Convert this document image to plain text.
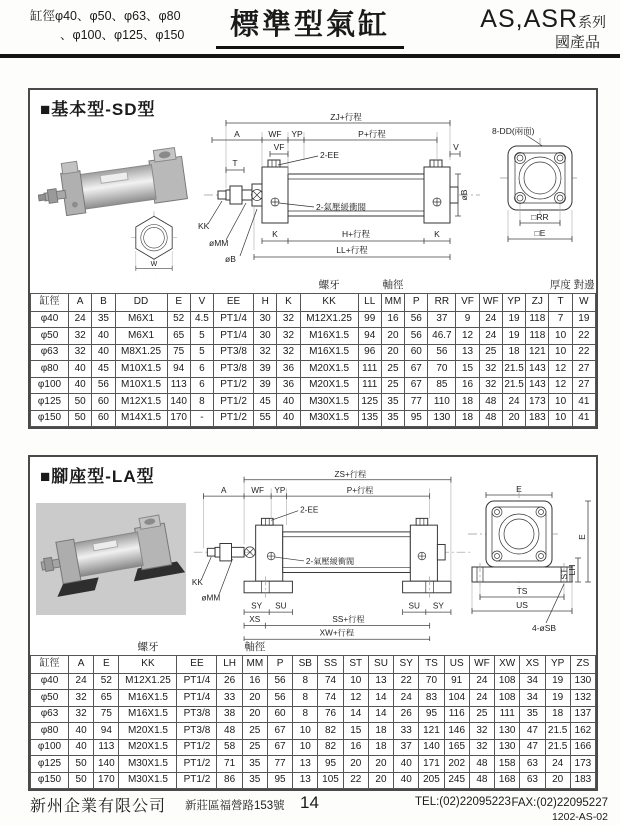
缸徑φ40、φ50、φ63、φ80
、φ100、φ125、φ150	標準型氣缸	AS,ASR系列
國產品
■基本型-SD型
W
ZJ+行程
A	WF YP	P+行程
VF	V
T
2-EE
2-氣壓緩衝閥
øB
K	H+行程	K
LL+行程
KK
øMM
øB
8-DD(兩面)
□RR
□E
									螺牙	軸徑								厚度 對邊	
缸徑	A	B	DD	E	V	EE	H	K	KK	LL	MM	P	RR	VF	WF	YP	ZJ	T	W
φ40	24	35	M6X1	52	4.5	PT1/4	30	32	M12X1.25	99	16	56	37	9	24	19	118	7	19
φ50	32	40	M6X1	65	5	PT1/4	30	32	M16X1.5	94	20	56	46.7	12	24	19	118	10	22
φ63	32	40	M8X1.25	75	5	PT3/8	32	32	M16X1.5	96	20	60	56	13	25	18	121	10	22
φ80	40	45	M10X1.5	94	6	PT3/8	39	36	M20X1.5	111	25	67	70	15	32	21.5	143	12	27
φ100	40	56	M10X1.5	113	6	PT1/2	39	36	M20X1.5	111	25	67	85	16	32	21.5	143	12	27
φ125	50	60	M12X1.5	140	8	PT1/2	45	40	M30X1.5	125	35	77	110	18	48	24	173	10	41
φ150	50	60	M14X1.5	170	-	PT1/2	55	40	M30X1.5	135	35	95	130	18	48	20	183	10	41
■腳座型-LA型	ZS+行程
A	WF YP	P+行程
2-EE
2-氣壓緩衝閥
KK
øMM
SY SU	SU SY
XS	SS+行程
XW+行程
E
ST
LH
E
TS
US
4-øSB
			螺牙		軸徑														
缸徑	A	E	KK	EE	LH	MM	P	SB	SS	ST	SU	SY	TS	US	WF	XW	XS	YP	ZS
φ40	24	52	M12X1.25	PT1/4	26	16	56	8	74	10	13	22	70	91	24	108	34	19	130
φ50	32	65	M16X1.5	PT1/4	33	20	56	8	74	12	14	24	83	104	24	108	34	19	132
φ63	32	75	M16X1.5	PT3/8	38	20	60	8	76	14	14	26	95	116	25	111	35	18	137
φ80	40	94	M20X1.5	PT3/8	48	25	67	10	82	15	18	33	121	146	32	130	47	21.5	162
φ100	40	113	M20X1.5	PT1/2	58	25	67	10	82	16	18	37	140	165	32	130	47	21.5	166
φ125	50	140	M30X1.5	PT1/2	71	35	77	13	95	20	20	40	171	202	48	158	63	24	173
φ150	50	170	M30X1.5	PT1/2	86	35	95	13	105	22	20	40	205	245	48	168	63	20	183
新州企業有限公司 新莊區福營路153號 14	TEL:(02)22095223 FAX:(02)22095227
1202-AS-02
